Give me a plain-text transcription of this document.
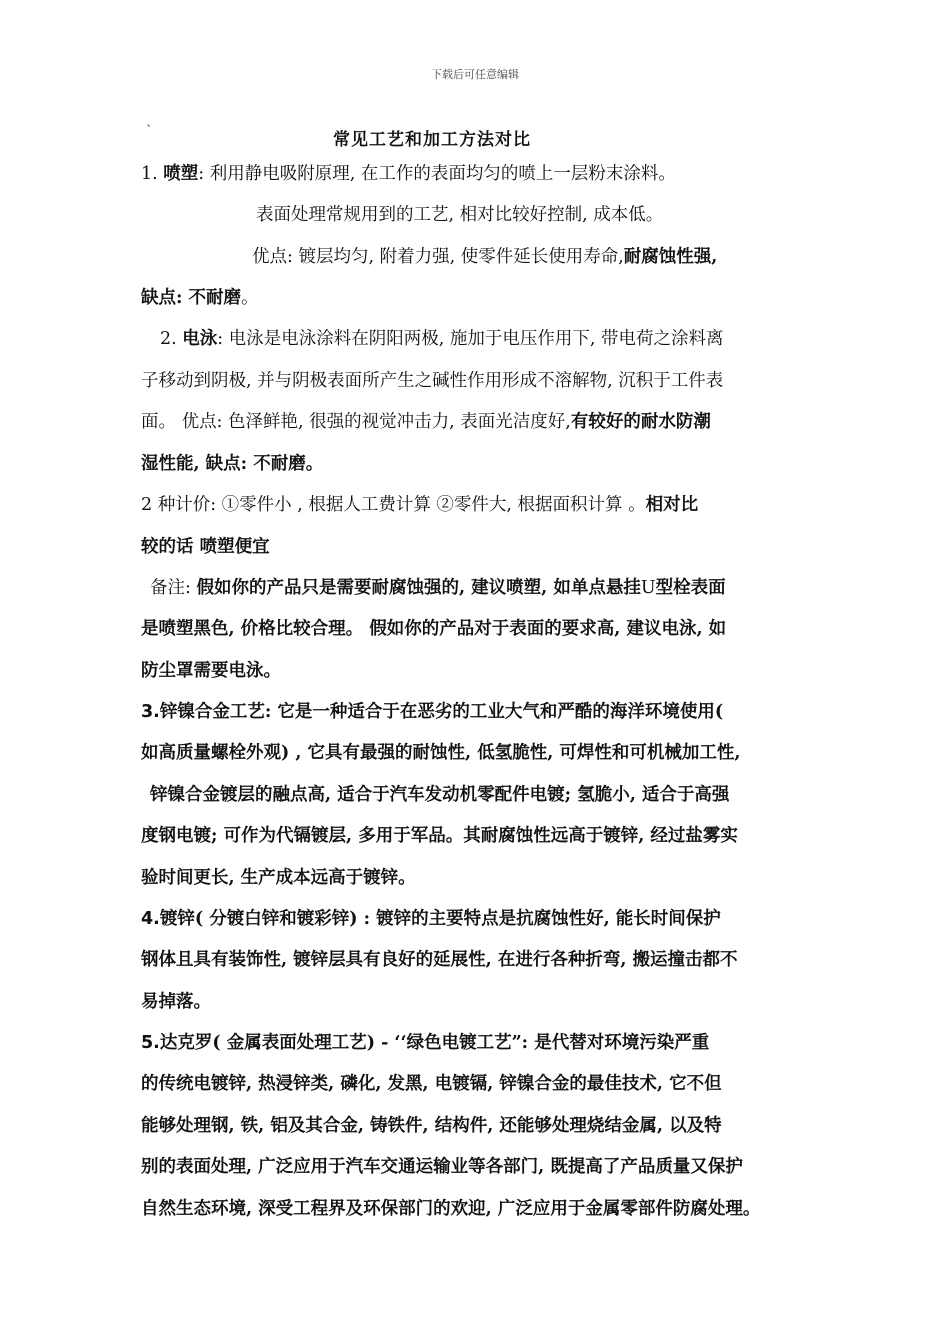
下载后可任意编辑
`	常见工艺和加工方法对比
1. 喷塑: 利用静电吸附原理, 在工作的表面均匀的喷上一层粉末涂料。
表面处理常规用到的工艺, 相对比较好控制, 成本低。
优点: 镀层均匀, 附着力强, 使零件延长使用寿命,耐腐蚀性强,
缺点: 不耐磨。
2. 电泳: 电泳是电泳涂料在阴阳两极, 施加于电压作用下, 带电荷之涂料离
子移动到阴极, 并与阴极表面所产生之碱性作用形成不溶解物, 沉积于工件表
面。 优点: 色泽鲜艳, 很强的视觉冲击力, 表面光洁度好,有较好的耐水防潮
湿性能, 缺点: 不耐磨。
2 种计价: ①零件小 , 根据人工费计算 ②零件大, 根据面积计算 。相对比
较的话 喷塑便宜
备注: 假如你的产品只是需要耐腐蚀强的, 建议喷塑, 如单点悬挂U型栓表面
是喷塑黑色, 价格比较合理。 假如你的产品对于表面的要求高, 建议电泳, 如
防尘罩需要电泳。
3.锌镍合金工艺: 它是一种适合于在恶劣的工业大气和严酷的海洋环境使用(
如高质量螺栓外观) , 它具有最强的耐蚀性, 低氢脆性, 可焊性和可机械加工性,
锌镍合金镀层的融点高, 适合于汽车发动机零配件电镀; 氢脆小, 适合于高强
度钢电镀; 可作为代镉镀层, 多用于军品。其耐腐蚀性远高于镀锌, 经过盐雾实
验时间更长, 生产成本远高于镀锌。
4.镀锌( 分镀白锌和镀彩锌) : 镀锌的主要特点是抗腐蚀性好, 能长时间保护
钢体且具有装饰性, 镀锌层具有良好的延展性, 在进行各种折弯, 搬运撞击都不
易掉落。
5.达克罗( 金属表面处理工艺) - ‘‘绿色电镀工艺”: 是代替对环境污染严重
的传统电镀锌, 热浸锌类, 磷化, 发黑, 电镀镉, 锌镍合金的最佳技术, 它不但
能够处理钢, 铁, 铝及其合金, 铸铁件, 结构件, 还能够处理烧结金属, 以及特
别的表面处理, 广泛应用于汽车交通运输业等各部门, 既提高了产品质量又保护
自然生态环境, 深受工程界及环保部门的欢迎, 广泛应用于金属零部件防腐处理。
